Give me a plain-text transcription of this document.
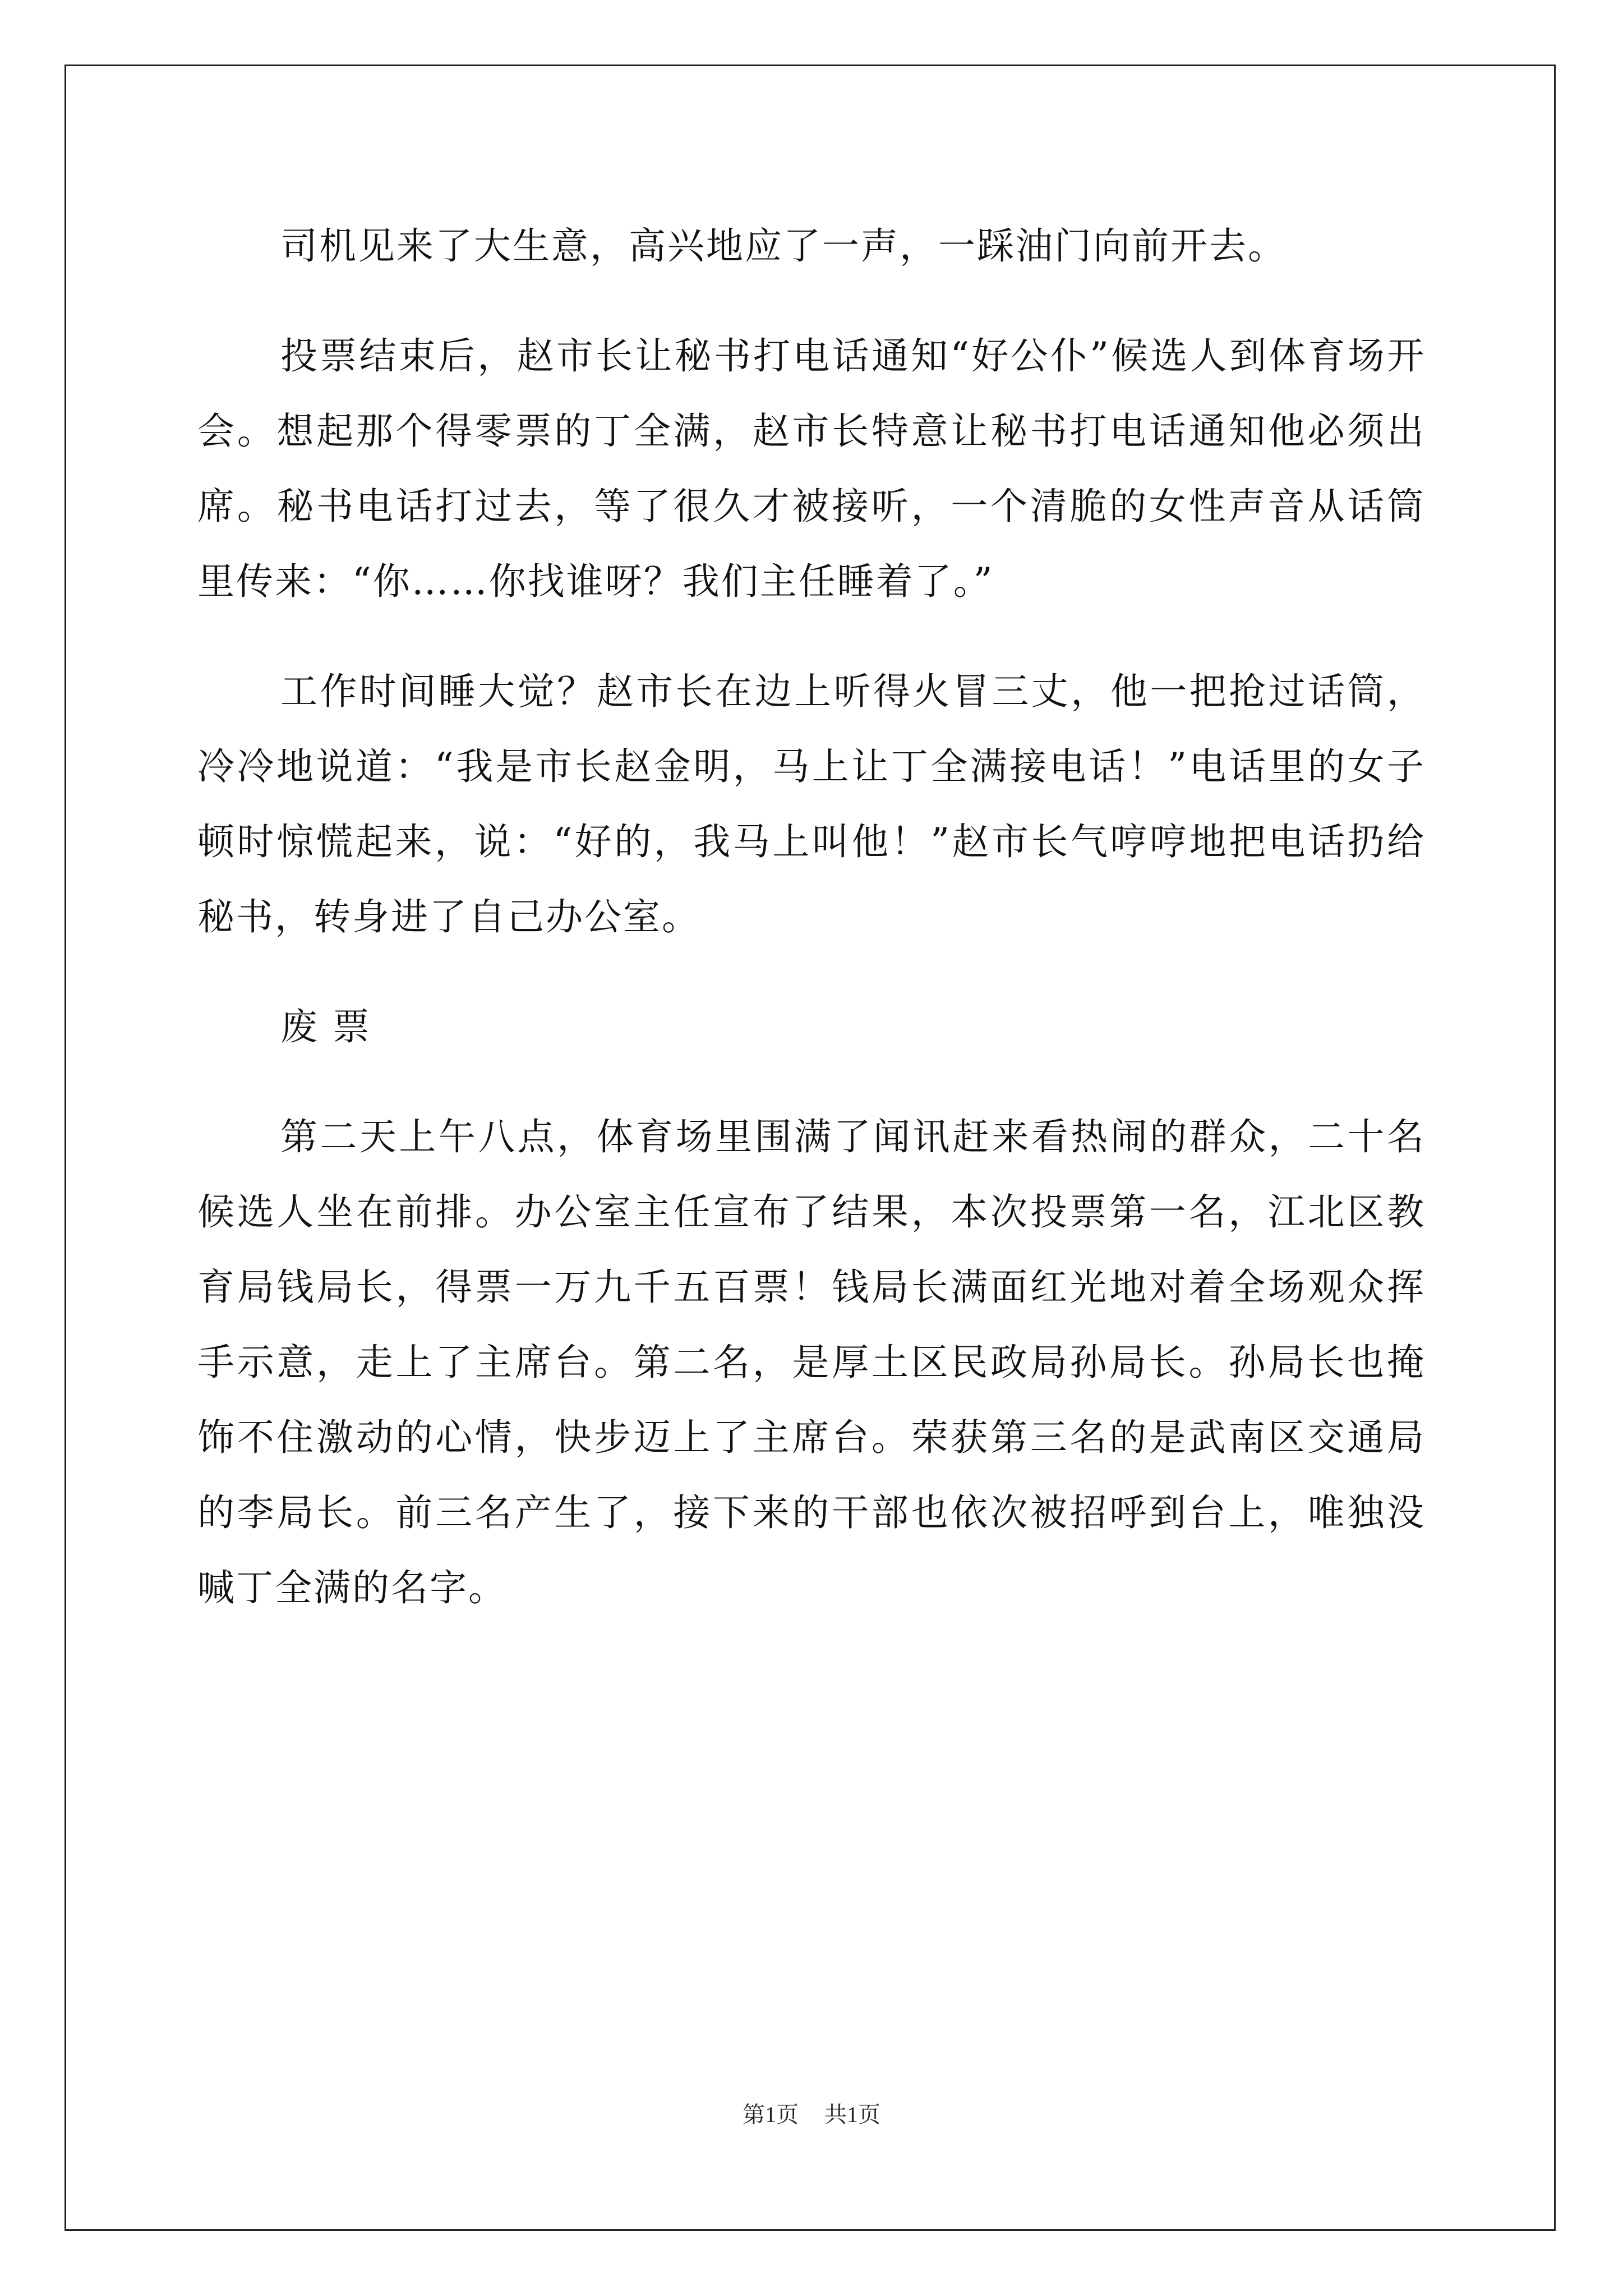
司机见来了大生意，高兴地应了一声，一踩油门向前开去。

投票结束后，赵市长让秘书打电话通知“好公仆”候选人到体育场开会。想起那个得零票的丁全满，赵市长特意让秘书打电话通知他必须出席。秘书电话打过去，等了很久才被接听，一个清脆的女性声音从话筒里传来：“你……你找谁呀？我们主任睡着了。”

工作时间睡大觉？赵市长在边上听得火冒三丈，他一把抢过话筒，冷冷地说道：“我是市长赵金明，马上让丁全满接电话！”电话里的女子顿时惊慌起来，说：“好的，我马上叫他！”赵市长气哼哼地把电话扔给秘书，转身进了自己办公室。

废 票

第二天上午八点，体育场里围满了闻讯赶来看热闹的群众，二十名候选人坐在前排。办公室主任宣布了结果，本次投票第一名，江北区教育局钱局长，得票一万九千五百票！钱局长满面红光地对着全场观众挥手示意，走上了主席台。第二名，是厚土区民政局孙局长。孙局长也掩饰不住激动的心情，快步迈上了主席台。荣获第三名的是武南区交通局的李局长。前三名产生了，接下来的干部也依次被招呼到台上，唯独没喊丁全满的名字。

第1页 共1页
